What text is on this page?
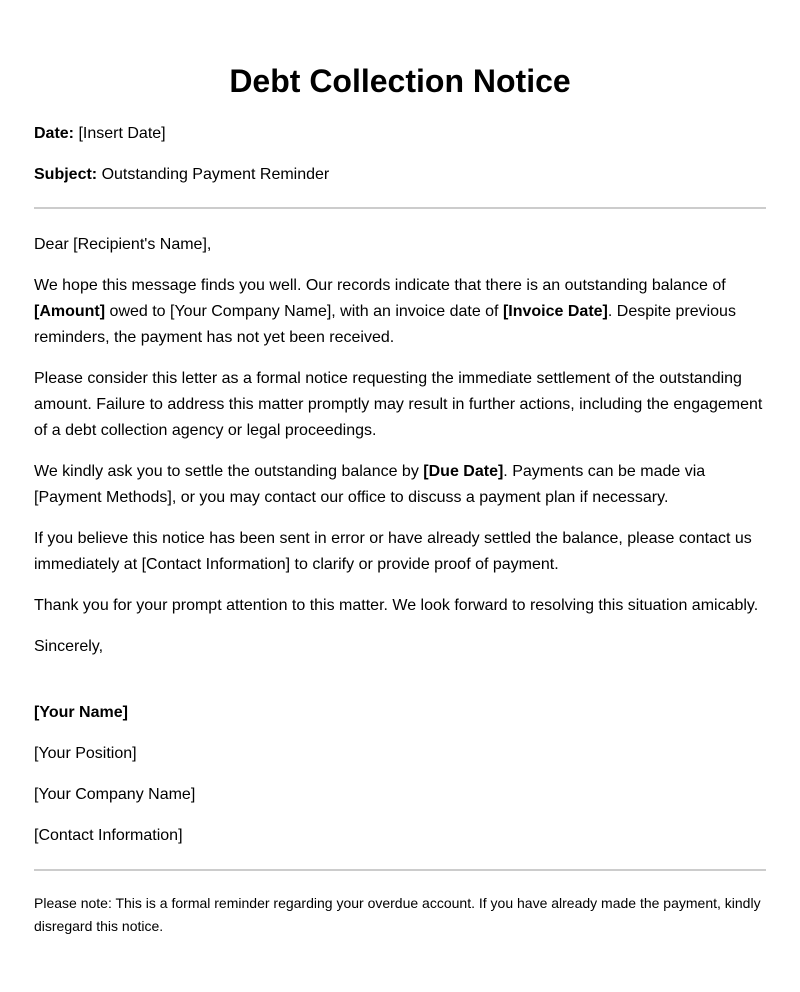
Debt Collection Notice

Date: [Insert Date]

Subject: Outstanding Payment Reminder

Dear [Recipient's Name],

We hope this message finds you well. Our records indicate that there is an outstanding balance of [Amount] owed to [Your Company Name], with an invoice date of [Invoice Date]. Despite previous reminders, the payment has not yet been received.

Please consider this letter as a formal notice requesting the immediate settlement of the outstanding amount. Failure to address this matter promptly may result in further actions, including the engagement of a debt collection agency or legal proceedings.

We kindly ask you to settle the outstanding balance by [Due Date]. Payments can be made via [Payment Methods], or you may contact our office to discuss a payment plan if necessary.

If you believe this notice has been sent in error or have already settled the balance, please contact us immediately at [Contact Information] to clarify or provide proof of payment.

Thank you for your prompt attention to this matter. We look forward to resolving this situation amicably.

Sincerely,

[Your Name]

[Your Position]

[Your Company Name]

[Contact Information]

Please note: This is a formal reminder regarding your overdue account. If you have already made the payment, kindly disregard this notice.
